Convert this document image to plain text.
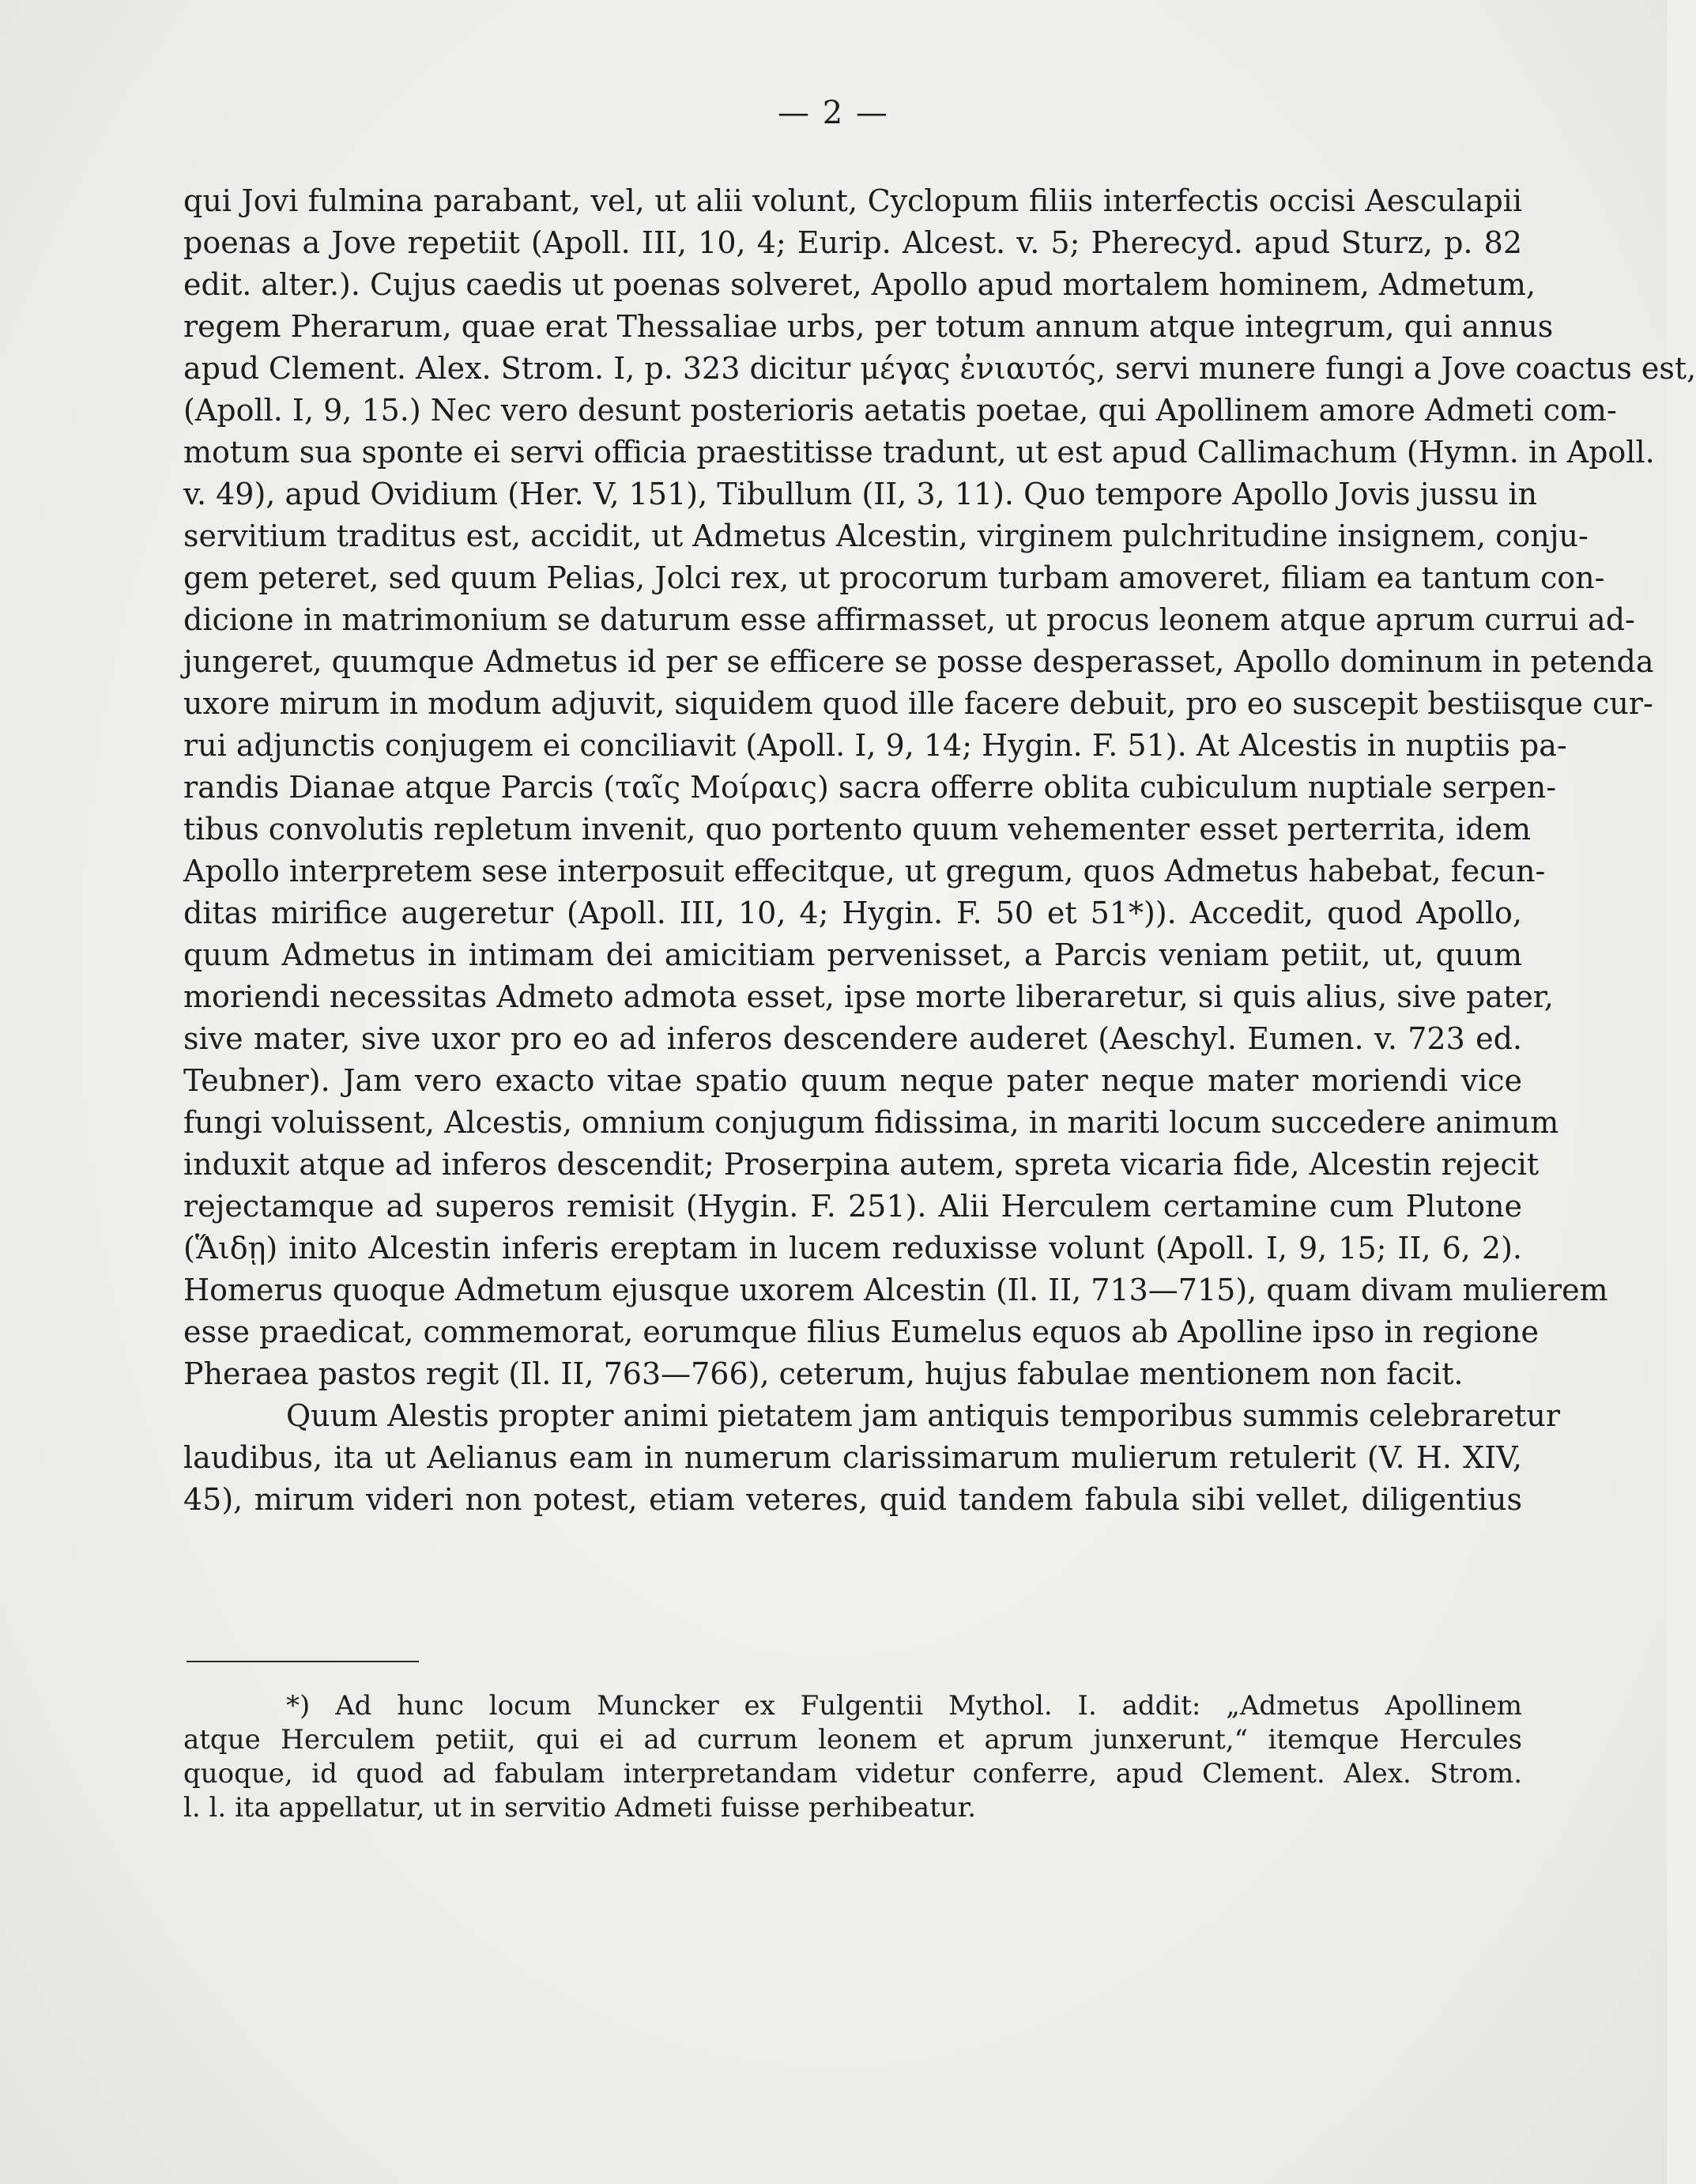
— 2 —
qui Jovi fulmina parabant, vel, ut alii volunt, Cyclopum filiis interfectis occisi Aesculapii
poenas a Jove repetiit (Apoll. III, 10, 4; Eurip. Alcest. v. 5; Pherecyd. apud Sturz, p. 82
edit. alter.). Cujus caedis ut poenas solveret, Apollo apud mortalem hominem, Admetum,
regem Pherarum, quae erat Thessaliae urbs, per totum annum atque integrum, qui annus
apud Clement. Alex. Strom. I, p. 323 dicitur μέγας ἐνιαυτός, servi munere fungi a Jove coactus est,
(Apoll. I, 9, 15.) Nec vero desunt posterioris aetatis poetae, qui Apollinem amore Admeti com-
motum sua sponte ei servi officia praestitisse tradunt, ut est apud Callimachum (Hymn. in Apoll.
v. 49), apud Ovidium (Her. V, 151), Tibullum (II, 3, 11). Quo tempore Apollo Jovis jussu in
servitium traditus est, accidit, ut Admetus Alcestin, virginem pulchritudine insignem, conju-
gem peteret, sed quum Pelias, Jolci rex, ut procorum turbam amoveret, filiam ea tantum con-
dicione in matrimonium se daturum esse affirmasset, ut procus leonem atque aprum currui ad-
jungeret, quumque Admetus id per se efficere se posse desperasset, Apollo dominum in petenda
uxore mirum in modum adjuvit, siquidem quod ille facere debuit, pro eo suscepit bestiisque cur-
rui adjunctis conjugem ei conciliavit (Apoll. I, 9, 14; Hygin. F. 51). At Alcestis in nuptiis pa-
randis Dianae atque Parcis (ταῖς Μοίραις) sacra offerre oblita cubiculum nuptiale serpen-
tibus convolutis repletum invenit, quo portento quum vehementer esset perterrita, idem
Apollo interpretem sese interposuit effecitque, ut gregum, quos Admetus habebat, fecun-
ditas mirifice augeretur (Apoll. III, 10, 4; Hygin. F. 50 et 51*)). Accedit, quod Apollo,
quum Admetus in intimam dei amicitiam pervenisset, a Parcis veniam petiit, ut, quum
moriendi necessitas Admeto admota esset, ipse morte liberaretur, si quis alius, sive pater,
sive mater, sive uxor pro eo ad inferos descendere auderet (Aeschyl. Eumen. v. 723 ed.
Teubner). Jam vero exacto vitae spatio quum neque pater neque mater moriendi vice
fungi voluissent, Alcestis, omnium conjugum fidissima, in mariti locum succedere animum
induxit atque ad inferos descendit; Proserpina autem, spreta vicaria fide, Alcestin rejecit
rejectamque ad superos remisit (Hygin. F. 251). Alii Herculem certamine cum Plutone
(Ἅιδῃ) inito Alcestin inferis ereptam in lucem reduxisse volunt (Apoll. I, 9, 15; II, 6, 2).
Homerus quoque Admetum ejusque uxorem Alcestin (Il. II, 713—715), quam divam mulierem
esse praedicat, commemorat, eorumque filius Eumelus equos ab Apolline ipso in regione
Pheraea pastos regit (Il. II, 763—766), ceterum, hujus fabulae mentionem non facit.
Quum Alestis propter animi pietatem jam antiquis temporibus summis celebraretur
laudibus, ita ut Aelianus eam in numerum clarissimarum mulierum retulerit (V. H. XIV,
45), mirum videri non potest, etiam veteres, quid tandem fabula sibi vellet, diligentius
*) Ad hunc locum Muncker ex Fulgentii Mythol. I. addit: „Admetus Apollinem
atque Herculem petiit, qui ei ad currum leonem et aprum junxerunt,“ itemque Hercules
quoque, id quod ad fabulam interpretandam videtur conferre, apud Clement. Alex. Strom.
l. l. ita appellatur, ut in servitio Admeti fuisse perhibeatur.
